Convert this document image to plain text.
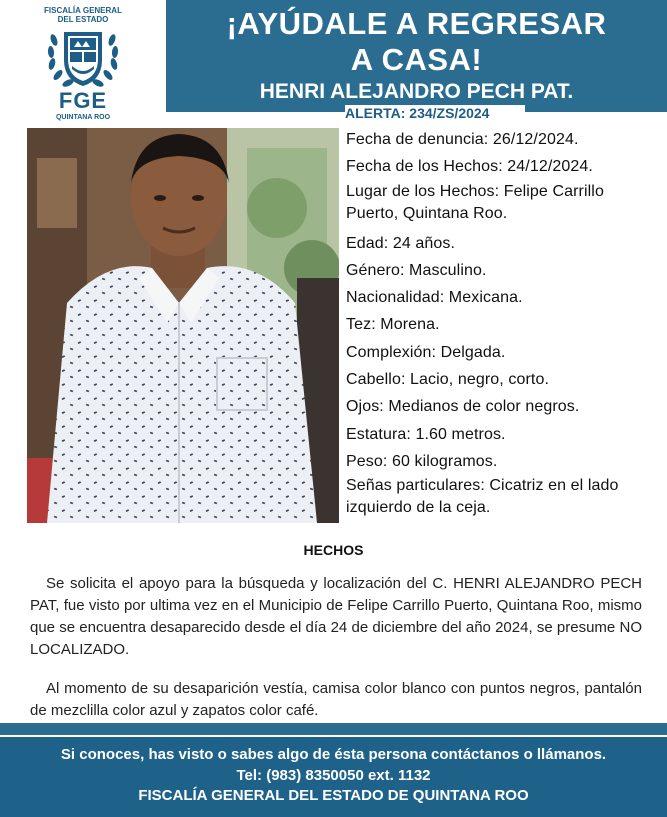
FISCALÍA GENERAL
DEL ESTADO
FGE
QUINTANA ROO
¡AYÚDALE A REGRESAR
A CASA!
HENRI ALEJANDRO PECH PAT.
ALERTA: 234/ZS/2024
Fecha de denuncia: 26/12/2024.
Fecha de los Hechos: 24/12/2024.
Lugar de los Hechos: Felipe Carrillo Puerto, Quintana Roo.
Edad: 24 años.
Género: Masculino.
Nacionalidad: Mexicana.
Tez: Morena.
Complexión: Delgada.
Cabello: Lacio, negro, corto.
Ojos: Medianos de color negros.
Estatura: 1.60 metros.
Peso: 60 kilogramos.
Señas particulares: Cicatriz en el lado izquierdo de la ceja.
HECHOS
Se solicita el apoyo para la búsqueda y localización del C. HENRI ALEJANDRO PECH PAT, fue visto por ultima vez en el Municipio de Felipe Carrillo Puerto, Quintana Roo, mismo que se encuentra desaparecido desde el día 24 de diciembre del año 2024, se presume NO LOCALIZADO.
Al momento de su desaparición vestía, camisa color blanco con puntos negros, pantalón de mezclilla color azul y zapatos color café.
Si conoces, has visto o sabes algo de ésta persona contáctanos o llámanos.
Tel: (983) 8350050 ext. 1132
FISCALÍA GENERAL DEL ESTADO DE QUINTANA ROO
